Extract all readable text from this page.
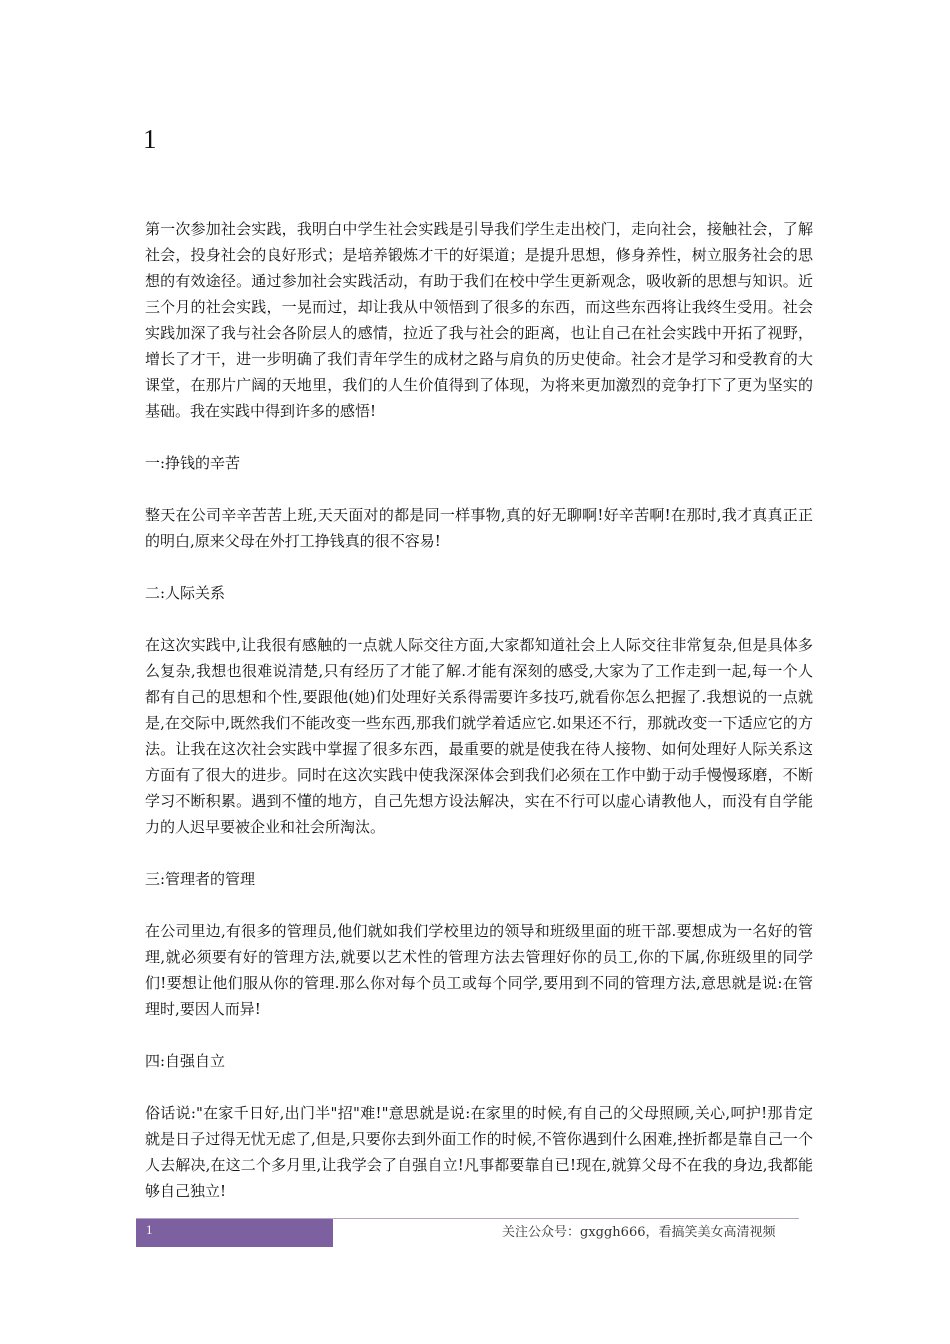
1

第一次参加社会实践，我明白中学生社会实践是引导我们学生走出校门，走向社会，接触社会，了解社会，投身社会的良好形式；是培养锻炼才干的好渠道；是提升思想，修身养性，树立服务社会的思想的有效途径。通过参加社会实践活动，有助于我们在校中学生更新观念，吸收新的思想与知识。近三个月的社会实践，一晃而过，却让我从中领悟到了很多的东西，而这些东西将让我终生受用。社会实践加深了我与社会各阶层人的感情，拉近了我与社会的距离，也让自己在社会实践中开拓了视野，增长了才干，进一步明确了我们青年学生的成材之路与肩负的历史使命。社会才是学习和受教育的大课堂，在那片广阔的天地里，我们的人生价值得到了体现，为将来更加激烈的竞争打下了更为坚实的基础。我在实践中得到许多的感悟!

一:挣钱的辛苦

整天在公司辛辛苦苦上班,天天面对的都是同一样事物,真的好无聊啊!好辛苦啊!在那时,我才真真正正的明白,原来父母在外打工挣钱真的很不容易!

二:人际关系

在这次实践中,让我很有感触的一点就人际交往方面,大家都知道社会上人际交往非常复杂,但是具体多么复杂,我想也很难说清楚,只有经历了才能了解.才能有深刻的感受,大家为了工作走到一起,每一个人都有自己的思想和个性,要跟他(她)们处理好关系得需要许多技巧,就看你怎么把握了.我想说的一点就是,在交际中,既然我们不能改变一些东西,那我们就学着适应它.如果还不行，那就改变一下适应它的方法。让我在这次社会实践中掌握了很多东西，最重要的就是使我在待人接物、如何处理好人际关系这方面有了很大的进步。同时在这次实践中使我深深体会到我们必须在工作中勤于动手慢慢琢磨，不断学习不断积累。遇到不懂的地方，自己先想方设法解决，实在不行可以虚心请教他人，而没有自学能力的人迟早要被企业和社会所淘汰。

三:管理者的管理

在公司里边,有很多的管理员,他们就如我们学校里边的领导和班级里面的班干部.要想成为一名好的管理,就必须要有好的管理方法,就要以艺术性的管理方法去管理好你的员工,你的下属,你班级里的同学们!要想让他们服从你的管理.那么你对每个员工或每个同学,要用到不同的管理方法,意思就是说:在管理时,要因人而异!

四:自强自立

俗话说:"在家千日好,出门半"招"难!"意思就是说:在家里的时候,有自己的父母照顾,关心,呵护!那肯定就是日子过得无忧无虑了,但是,只要你去到外面工作的时候,不管你遇到什么困难,挫折都是靠自己一个人去解决,在这二个多月里,让我学会了自强自立!凡事都要靠自已!现在,就算父母不在我的身边,我都能够自己独立!

1	关注公众号：gxggh666，看搞笑美女高清视频
